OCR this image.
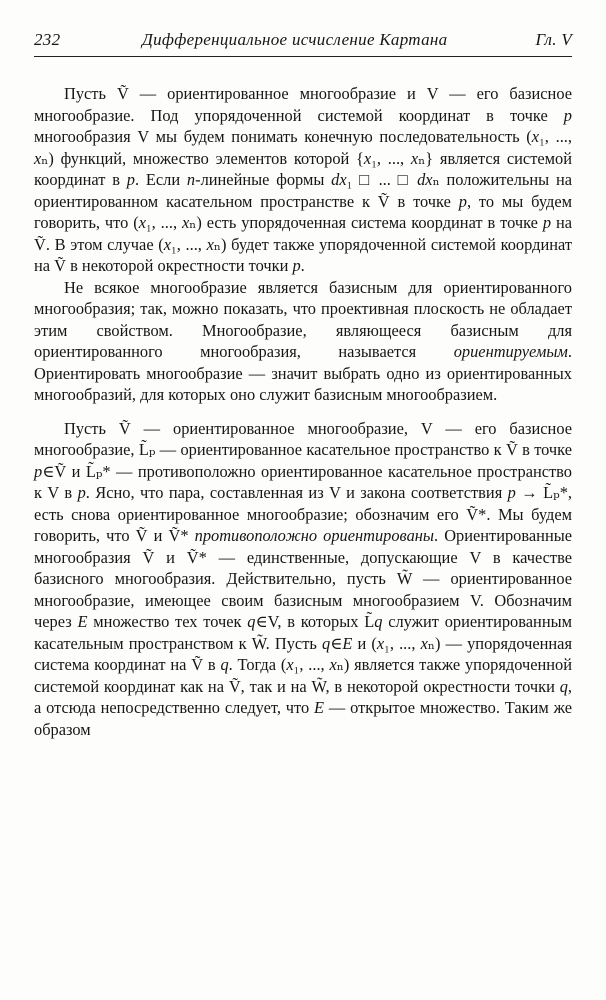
232	Дифференциальное исчисление Картана	Гл. V

Пусть Ṽ — ориентированное многообразие и V — его базисное многообразие. Под упорядоченной системой координат в точке p многообразия V мы будем понимать конечную последовательность (x₁, ..., xₙ) функций, множество элементов которой {x₁, ..., xₙ} является системой координат в p. Если n-линейные формы dx₁ □ ... □ dxₙ положительны на ориентированном касательном пространстве к Ṽ в точке p, то мы будем говорить, что (x₁, ..., xₙ) есть упорядоченная система координат в точке p на Ṽ. В этом случае (x₁, ..., xₙ) будет также упорядоченной системой координат на Ṽ в некоторой окрестности точки p.

Не всякое многообразие является базисным для ориентированного многообразия; так, можно показать, что проективная плоскость не обладает этим свойством. Многообразие, являющееся базисным для ориентированного многообразия, называется ориентируемым. Ориентировать многообразие — значит выбрать одно из ориентированных многообразий, для которых оно служит базисным многообразием.

Пусть Ṽ — ориентированное многообразие, V — его базисное многообразие, L̃ₚ — ориентированное касательное пространство к Ṽ в точке p∈Ṽ и L̃ₚ* — противоположно ориентированное касательное пространство к V в p. Ясно, что пара, составленная из V и закона соответствия p → L̃ₚ*, есть снова ориентированное многообразие; обозначим его Ṽ*. Мы будем говорить, что Ṽ и Ṽ* противоположно ориентированы. Ориентированные многообразия Ṽ и Ṽ* — единственные, допускающие V в качестве базисного многообразия. Действительно, пусть W̃ — ориентированное многообразие, имеющее своим базисным многообразием V. Обозначим через E множество тех точек q∈V, в которых L̃q служит ориентированным касательным пространством к W̃. Пусть q∈E и (x₁, ..., xₙ) — упорядоченная система координат на Ṽ в q. Тогда (x₁, ..., xₙ) является также упорядоченной системой координат как на Ṽ, так и на W̃, в некоторой окрестности точки q, а отсюда непосредственно следует, что E — открытое множество. Таким же образом
